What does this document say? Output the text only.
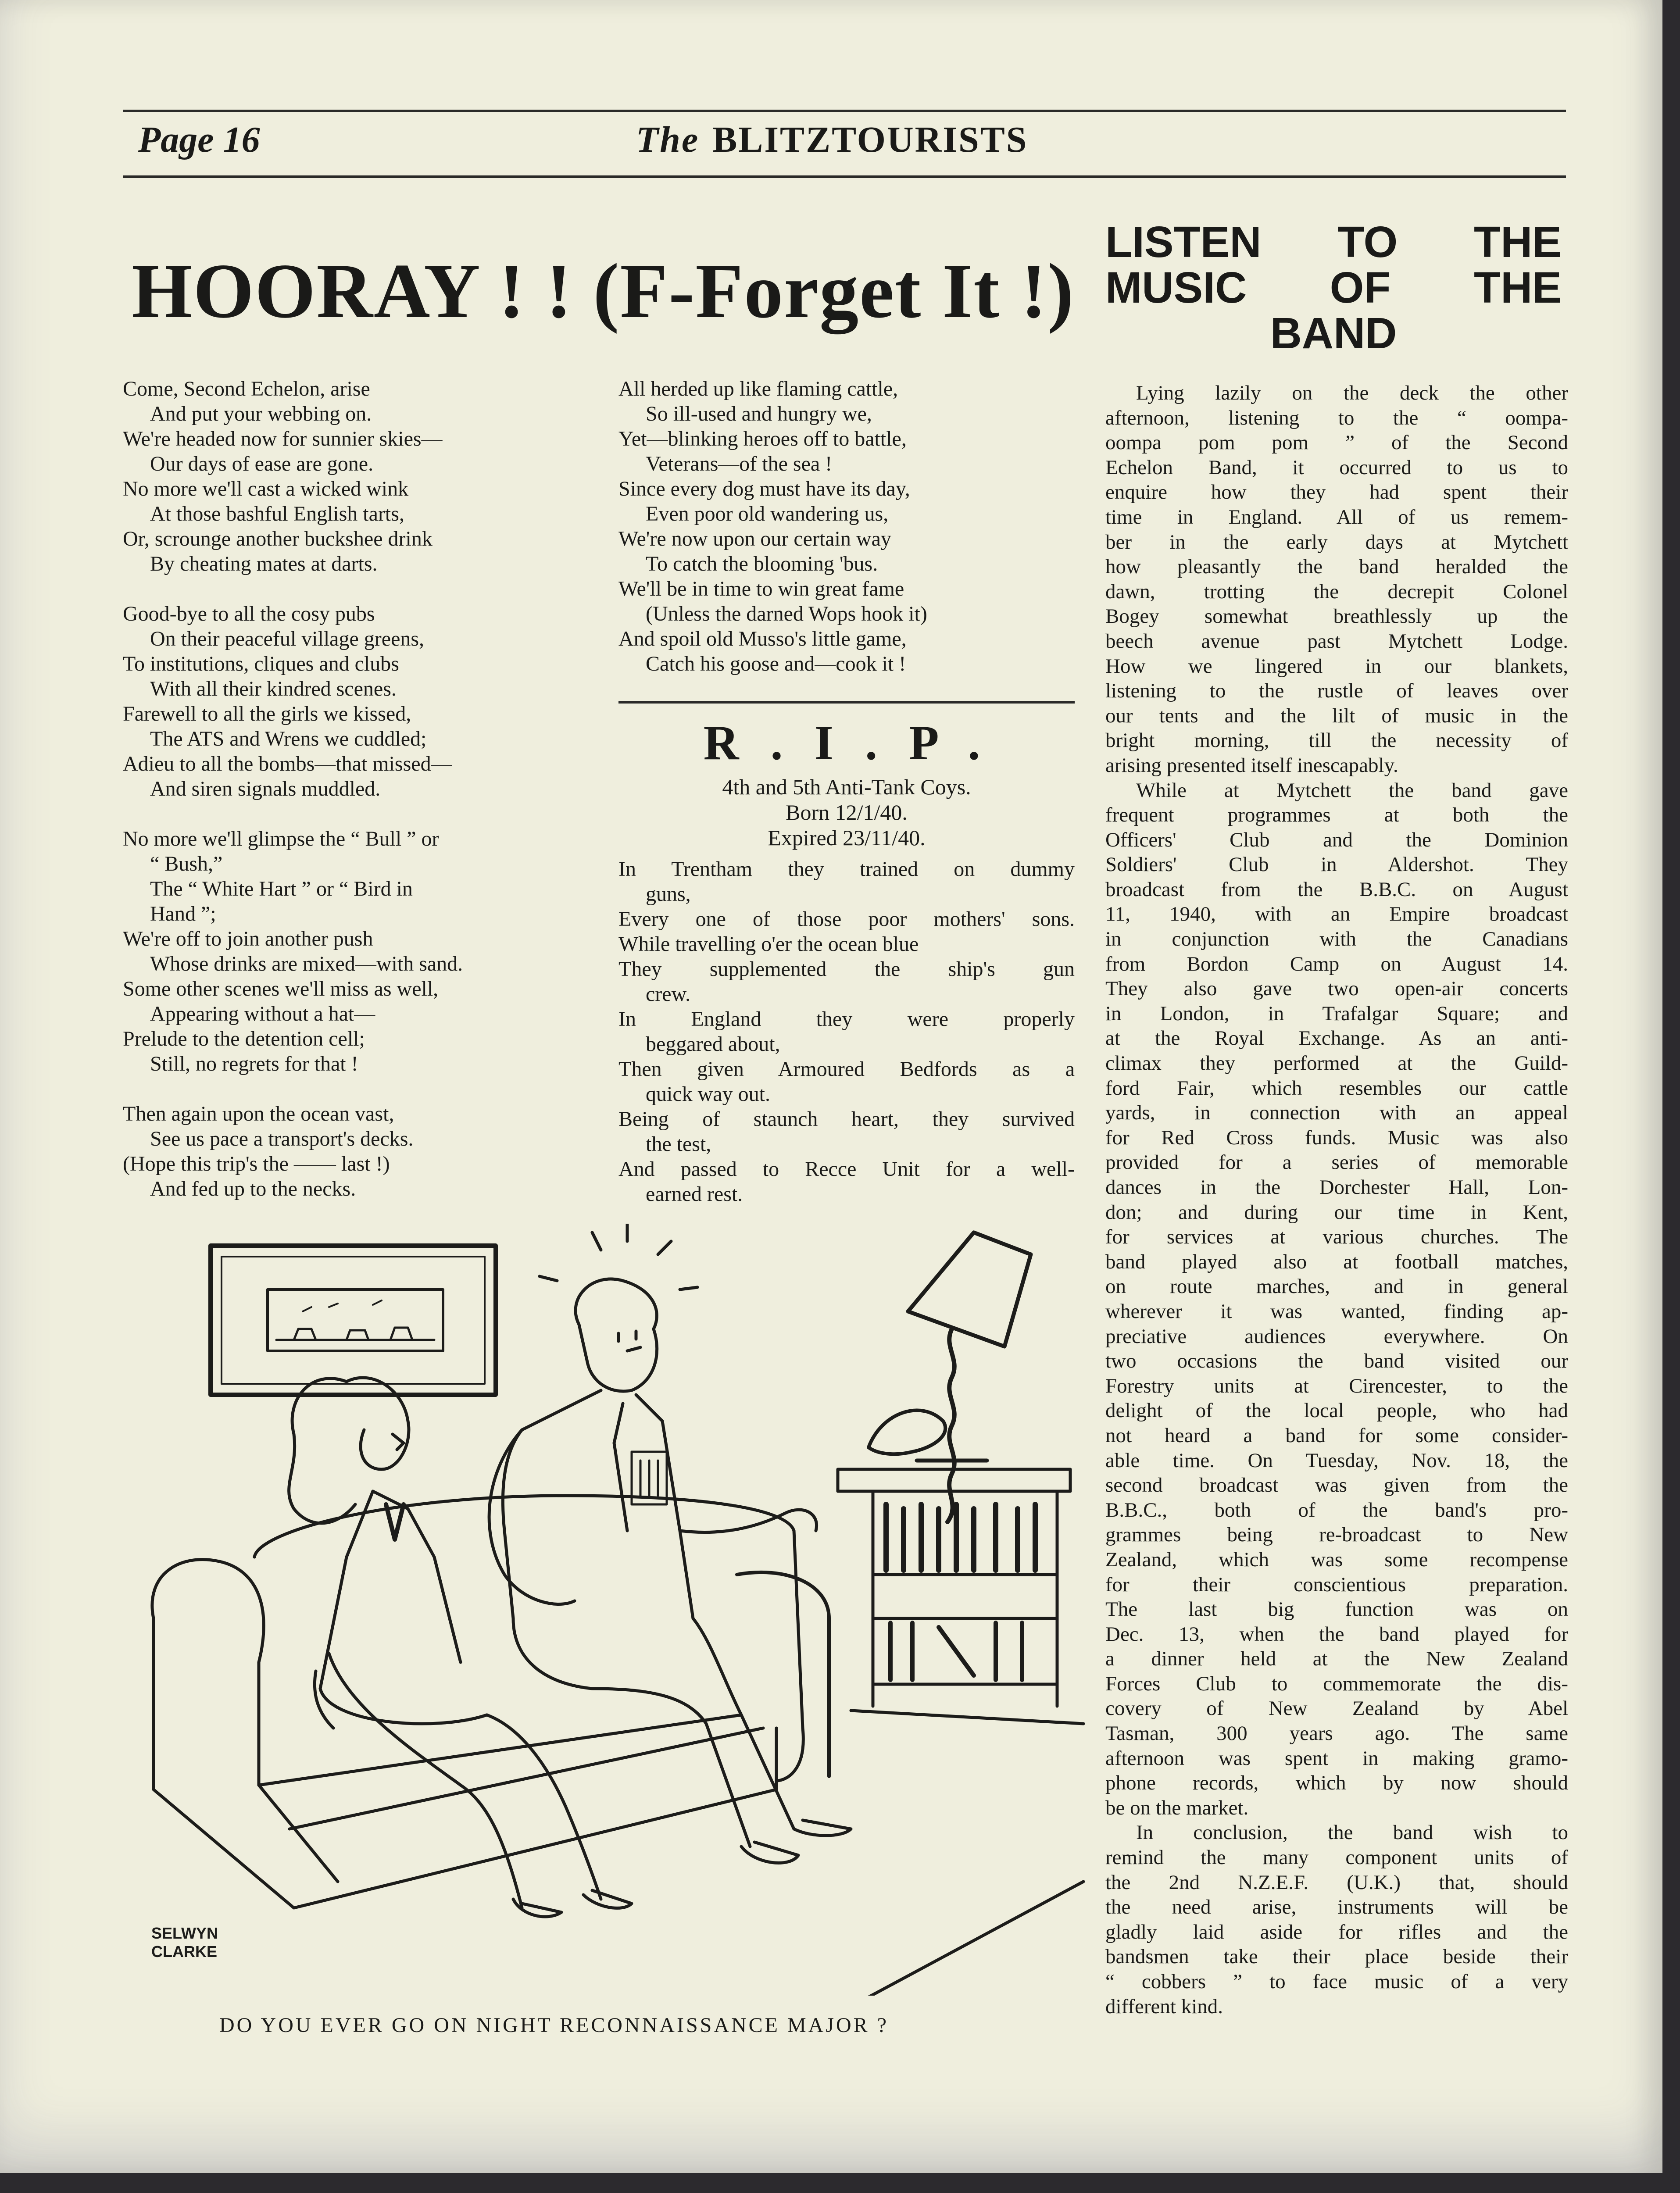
Page 16	The BLITZTOURISTS
HOORAY ! ! (F-Forget It !)
Come, Second Echelon, arise
And put your webbing on.
We're headed now for sunnier skies—
Our days of ease are gone.
No more we'll cast a wicked wink
At those bashful English tarts,
Or, scrounge another buckshee drink
By cheating mates at darts.
Good-bye to all the cosy pubs
On their peaceful village greens,
To institutions, cliques and clubs
With all their kindred scenes.
Farewell to all the girls we kissed,
The ATS and Wrens we cuddled;
Adieu to all the bombs—that missed—
And siren signals muddled.
No more we'll glimpse the “ Bull ” or
“ Bush,”
The “ White Hart ” or “ Bird in
Hand ”;
We're off to join another push
Whose drinks are mixed—with sand.
Some other scenes we'll miss as well,
Appearing without a hat—
Prelude to the detention cell;
Still, no regrets for that !
Then again upon the ocean vast,
See us pace a transport's decks.
(Hope this trip's the —— last !)
And fed up to the necks.
All herded up like flaming cattle,
So ill-used and hungry we,
Yet—blinking heroes off to battle,
Veterans—of the sea !
Since every dog must have its day,
Even poor old wandering us,
We're now upon our certain way
To catch the blooming 'bus.
We'll be in time to win great fame
(Unless the darned Wops hook it)
And spoil old Musso's little game,
Catch his goose and—cook it !
R . I . P .
4th and 5th Anti-Tank Coys.
Born 12/1/40.
Expired 23/11/40.
In Trentham they trained on dummy
guns,
Every one of those poor mothers' sons.
While travelling o'er the ocean blue
They supplemented the ship's gun
crew.
In England they were properly
beggared about,
Then given Armoured Bedfords as a
quick way out.
Being of staunch heart, they survived
the test,
And passed to Recce Unit for a well-
earned rest.
LISTEN TO THE
MUSIC OF THE
BAND
Lying lazily on the deck the other
afternoon, listening to the “ oompa-
oompa pom pom ” of the Second
Echelon Band, it occurred to us to
enquire how they had spent their
time in England. All of us remem-
ber in the early days at Mytchett
how pleasantly the band heralded the
dawn, trotting the decrepit Colonel
Bogey somewhat breathlessly up the
beech avenue past Mytchett Lodge.
How we lingered in our blankets,
listening to the rustle of leaves over
our tents and the lilt of music in the
bright morning, till the necessity of
arising presented itself inescapably.
While at Mytchett the band gave
frequent programmes at both the
Officers' Club and the Dominion
Soldiers' Club in Aldershot. They
broadcast from the B.B.C. on August
11, 1940, with an Empire broadcast
in conjunction with the Canadians
from Bordon Camp on August 14.
They also gave two open-air concerts
in London, in Trafalgar Square; and
at the Royal Exchange. As an anti-
climax they performed at the Guild-
ford Fair, which resembles our cattle
yards, in connection with an appeal
for Red Cross funds. Music was also
provided for a series of memorable
dances in the Dorchester Hall, Lon-
don; and during our time in Kent,
for services at various churches. The
band played also at football matches,
on route marches, and in general
wherever it was wanted, finding ap-
preciative audiences everywhere. On
two occasions the band visited our
Forestry units at Cirencester, to the
delight of the local people, who had
not heard a band for some consider-
able time. On Tuesday, Nov. 18, the
second broadcast was given from the
B.B.C., both of the band's pro-
grammes being re-broadcast to New
Zealand, which was some recompense
for their conscientious preparation.
The last big function was on
Dec. 13, when the band played for
a dinner held at the New Zealand
Forces Club to commemorate the dis-
covery of New Zealand by Abel
Tasman, 300 years ago. The same
afternoon was spent in making gramo-
phone records, which by now should
be on the market.
In conclusion, the band wish to
remind the many component units of
the 2nd N.Z.E.F. (U.K.) that, should
the need arise, instruments will be
gladly laid aside for rifles and the
bandsmen take their place beside their
“ cobbers ” to face music of a very
different kind.
SELWYN
CLARKE
DO YOU EVER GO ON NIGHT RECONNAISSANCE MAJOR ?
